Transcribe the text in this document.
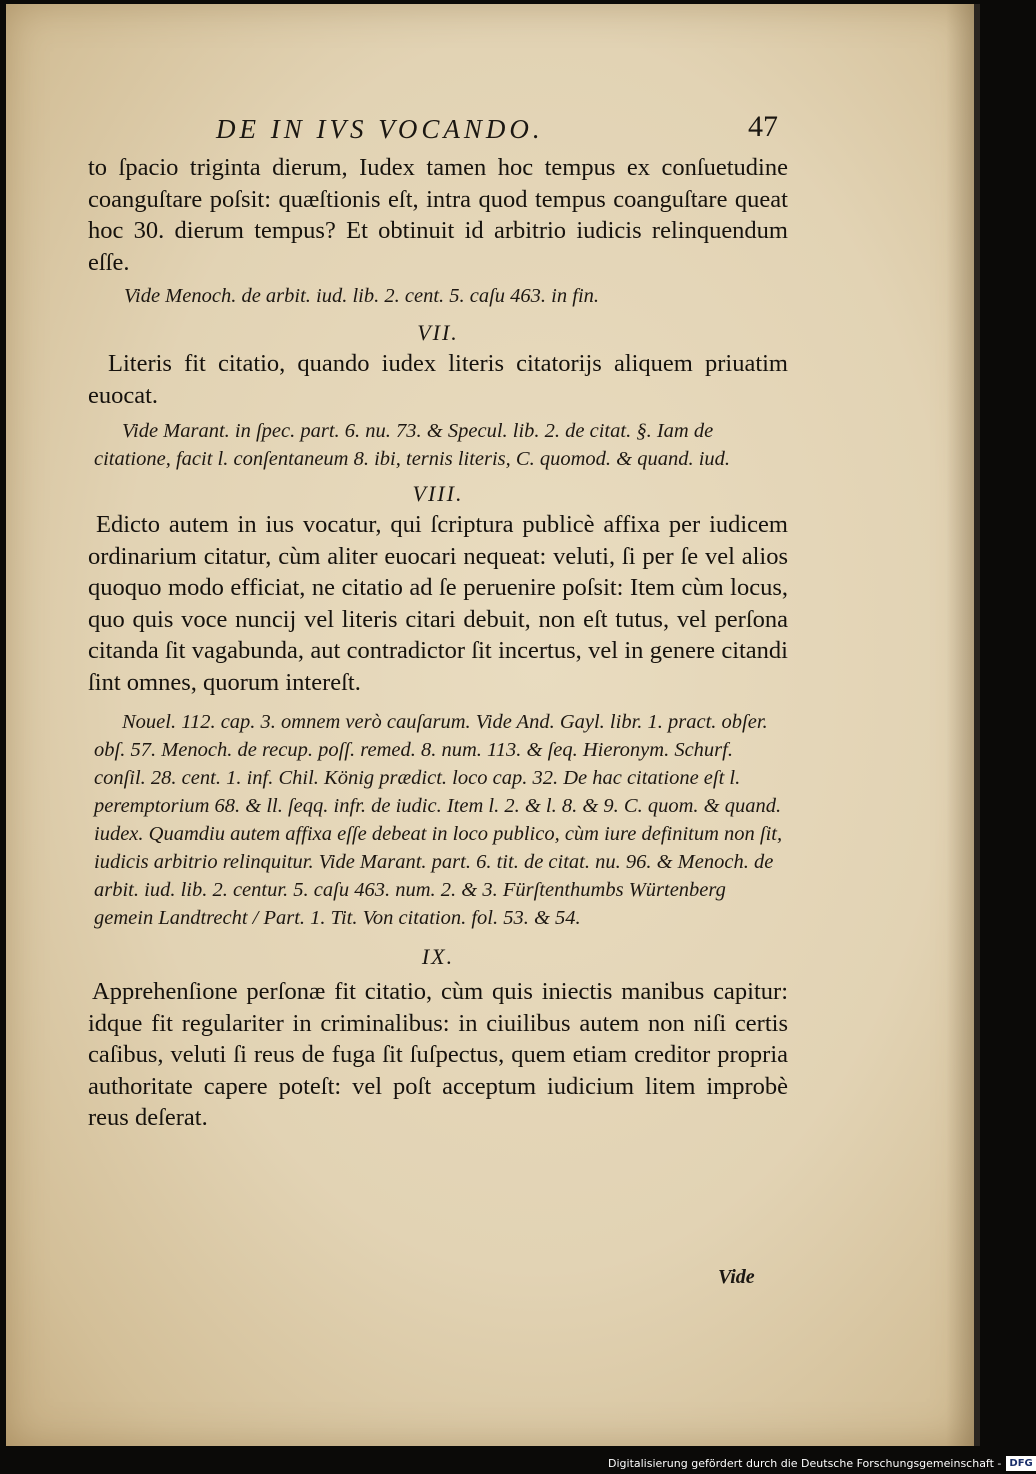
DE IN IVS VOCANDO.	47

to ſpacio triginta dierum, Iudex tamen hoc tempus ex conſuetudine coanguſtare poſsit: quæſtionis eſt, intra quod tempus coanguſtare queat hoc 30. dierum tempus? Et obtinuit id arbitrio iudicis relinquendum eſſe.

Vide Menoch. de arbit. iud. lib. 2. cent. 5. caſu 463. in fin.

VII.

Literis fit citatio, quando iudex literis citatorijs aliquem priuatim euocat.

Vide Marant. in ſpec. part. 6. nu. 73. & Specul. lib. 2. de citat. §. Iam de citatione, facit l. conſentaneum 8. ibi, ternis literis, C. quomod. & quand. iud.

VIII.

Edicto autem in ius vocatur, qui ſcriptura publicè affixa per iudicem ordinarium citatur, cùm aliter euocari nequeat: veluti, ſi per ſe vel alios quoquo modo efficiat, ne citatio ad ſe peruenire poſsit: Item cùm locus, quo quis voce nuncij vel literis citari debuit, non eſt tutus, vel perſona citanda ſit vagabunda, aut contradictor ſit incertus, vel in genere citandi ſint omnes, quorum intereſt.

Nouel. 112. cap. 3. omnem verò cauſarum. Vide And. Gayl. libr. 1. pract. obſer. obſ. 57. Menoch. de recup. poſſ. remed. 8. num. 113. & ſeq. Hieronym. Schurf. conſil. 28. cent. 1. inf. Chil. König prædict. loco cap. 32. De hac citatione eſt l. peremptorium 68. & ll. ſeqq. infr. de iudic. Item l. 2. & l. 8. & 9. C. quom. & quand. iudex. Quamdiu autem affixa eſſe debeat in loco publico, cùm iure definitum non ſit, iudicis arbitrio relinquitur. Vide Marant. part. 6. tit. de citat. nu. 96. & Menoch. de arbit. iud. lib. 2. centur. 5. caſu 463. num. 2. & 3. Fürſtenthumbs Würtenberg gemein Landtrecht / Part. 1. Tit. Von citation. fol. 53. & 54.

IX.

Apprehenſione perſonæ fit citatio, cùm quis iniectis manibus capitur: idque fit regulariter in criminalibus: in ciuilibus autem non niſi certis caſibus, veluti ſi reus de fuga ſit ſuſpectus, quem etiam creditor propria authoritate capere poteſt: vel poſt acceptum iudicium litem improbè reus deſerat.

Vide
Digitalisierung gefördert durch die Deutsche Forschungsgemeinschaft - DFG
